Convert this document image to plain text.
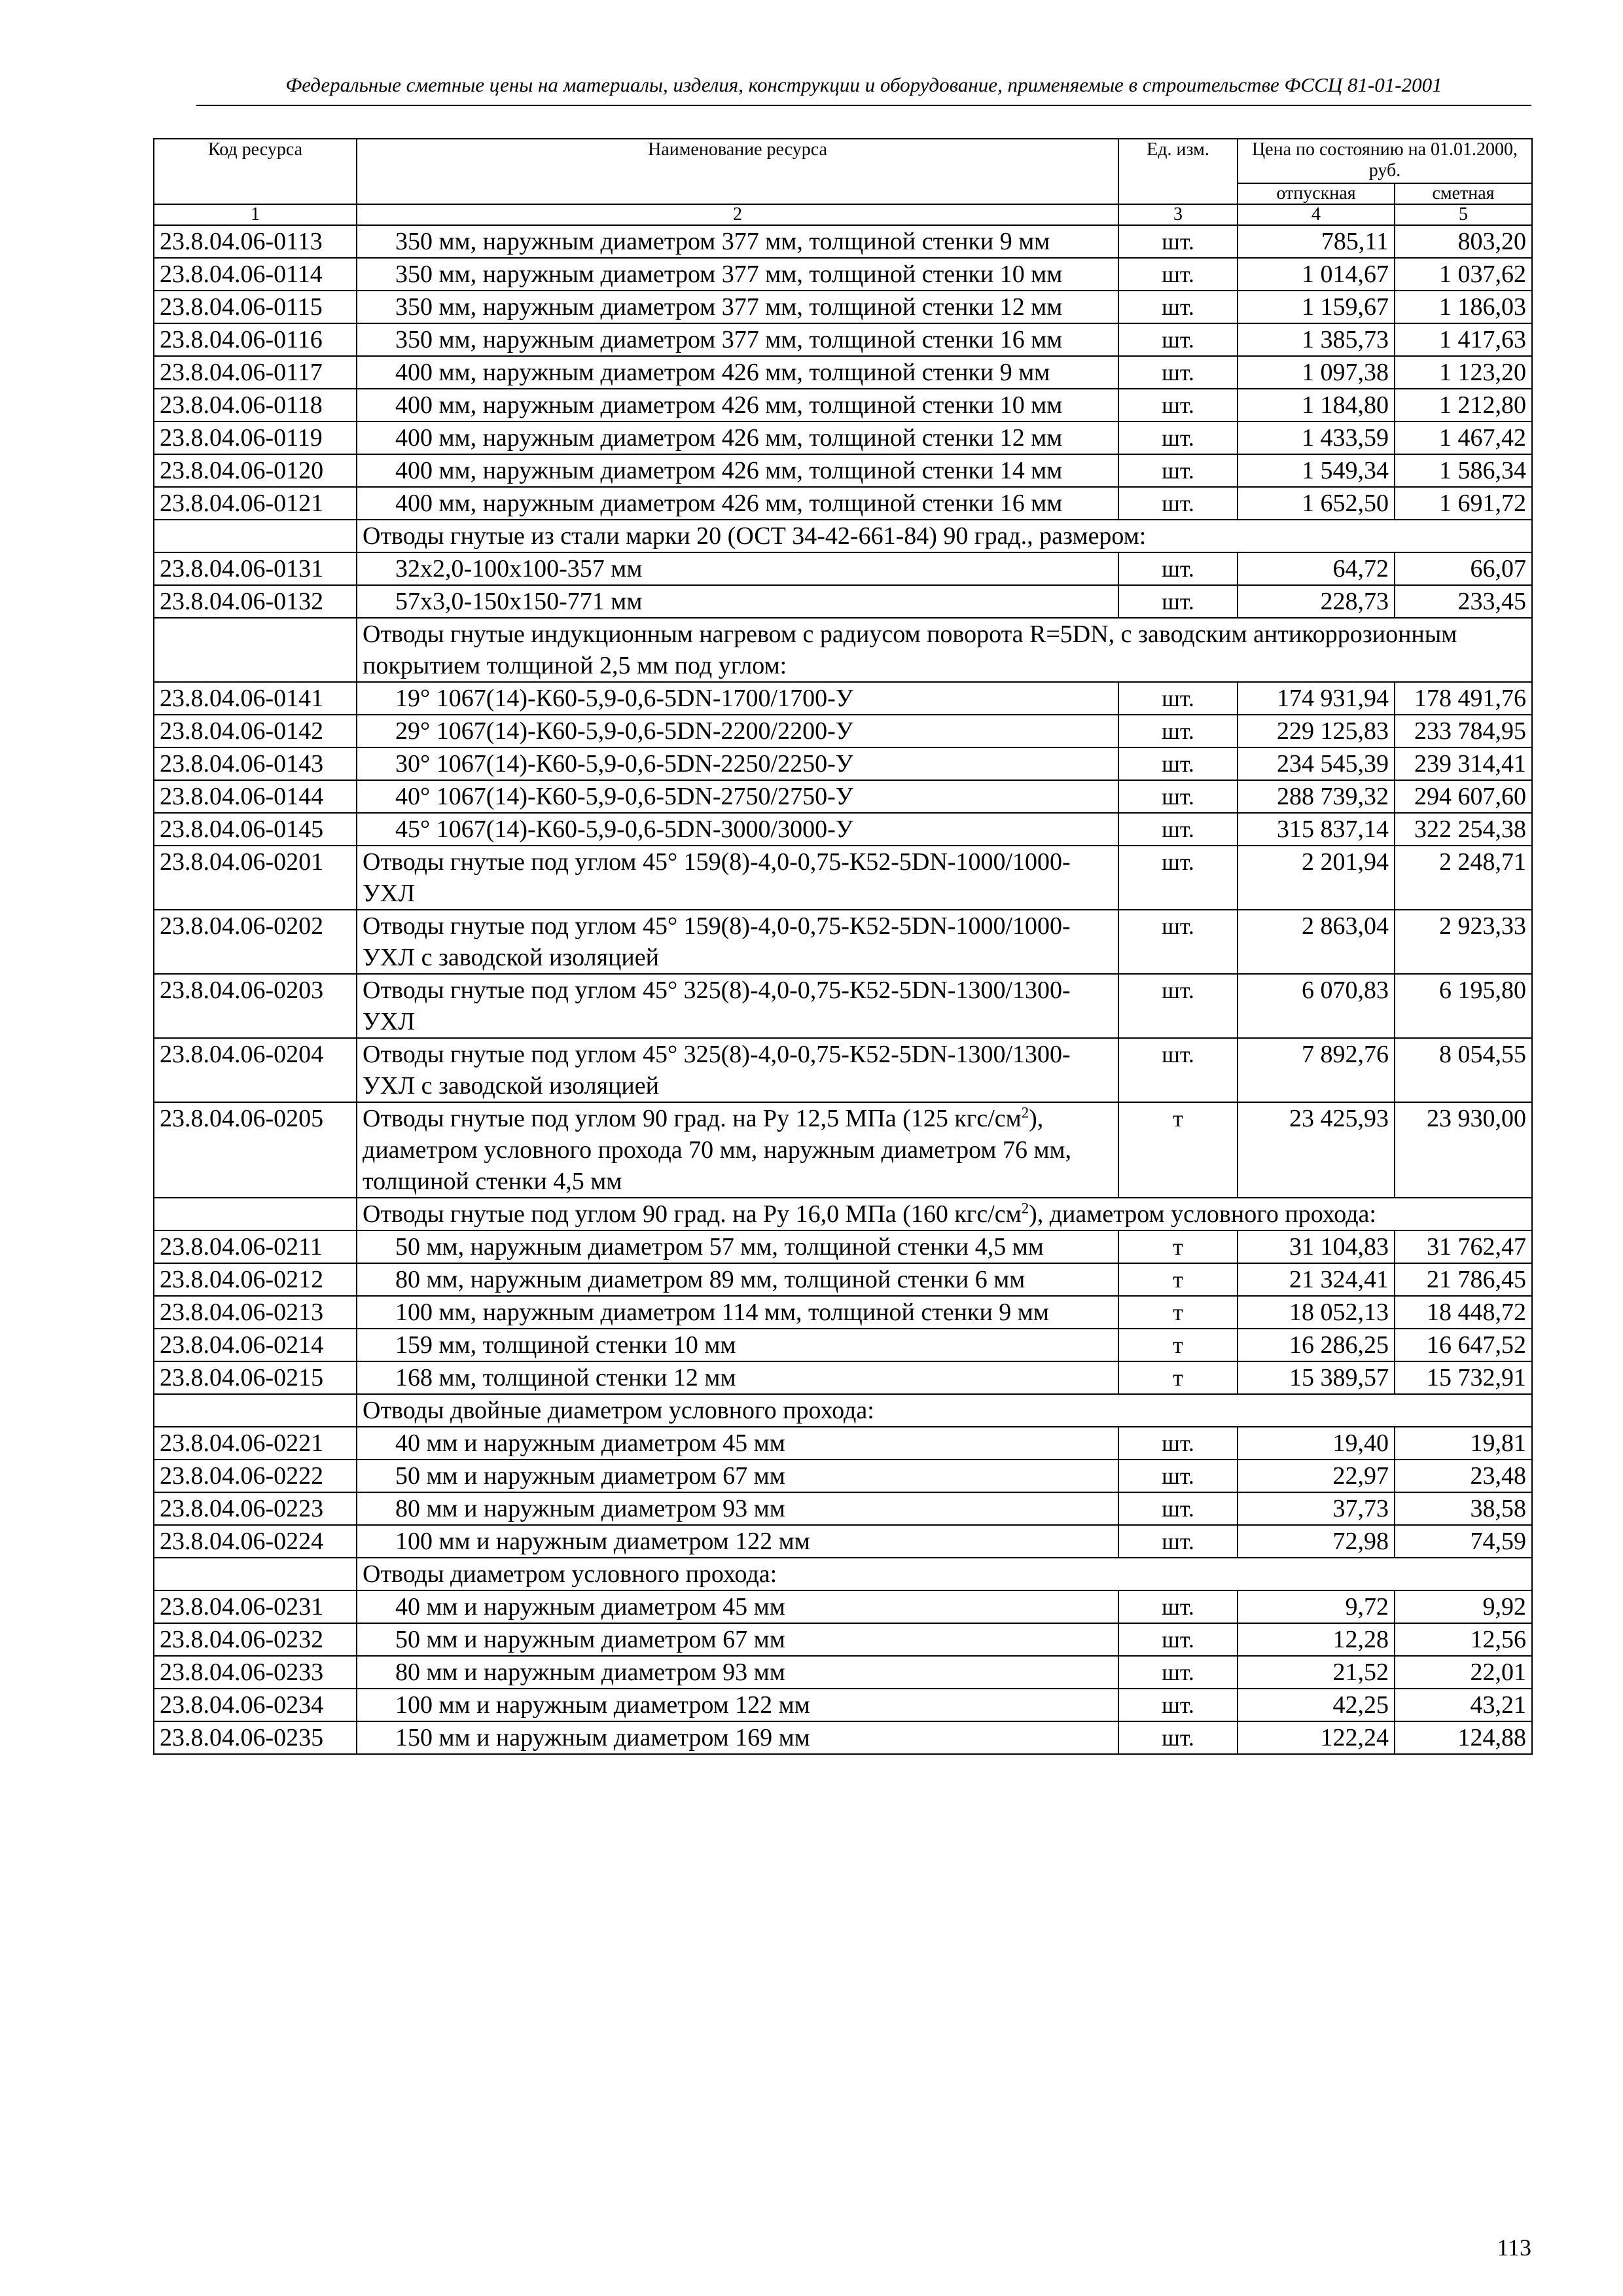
Федеральные сметные цены на материалы, изделия, конструкции и оборудование, применяемые в строительстве ФССЦ 81-01-2001
Код ресурса	Наименование ресурса	Ед. изм.	Цена по состоянию на 01.01.2000, руб.	
			отпускная	сметная
1	2	3	4	5
23.8.04.06-0113	350 мм, наружным диаметром 377 мм, толщиной стенки 9 мм	шт.	785,11	803,20
23.8.04.06-0114	350 мм, наружным диаметром 377 мм, толщиной стенки 10 мм	шт.	1 014,67	1 037,62
23.8.04.06-0115	350 мм, наружным диаметром 377 мм, толщиной стенки 12 мм	шт.	1 159,67	1 186,03
23.8.04.06-0116	350 мм, наружным диаметром 377 мм, толщиной стенки 16 мм	шт.	1 385,73	1 417,63
23.8.04.06-0117	400 мм, наружным диаметром 426 мм, толщиной стенки 9 мм	шт.	1 097,38	1 123,20
23.8.04.06-0118	400 мм, наружным диаметром 426 мм, толщиной стенки 10 мм	шт.	1 184,80	1 212,80
23.8.04.06-0119	400 мм, наружным диаметром 426 мм, толщиной стенки 12 мм	шт.	1 433,59	1 467,42
23.8.04.06-0120	400 мм, наружным диаметром 426 мм, толщиной стенки 14 мм	шт.	1 549,34	1 586,34
23.8.04.06-0121	400 мм, наружным диаметром 426 мм, толщиной стенки 16 мм	шт.	1 652,50	1 691,72
	Отводы гнутые из стали марки 20 (ОСТ 34-42-661-84) 90 град., размером:			
23.8.04.06-0131	32x2,0-100x100-357 мм	шт.	64,72	66,07
23.8.04.06-0132	57x3,0-150x150-771 мм	шт.	228,73	233,45
	Отводы гнутые индукционным нагревом с радиусом поворота R=5DN, с заводским антикоррозионным покрытием толщиной 2,5 мм под углом:			
23.8.04.06-0141	19° 1067(14)-К60-5,9-0,6-5DN-1700/1700-У	шт.	174 931,94	178 491,76
23.8.04.06-0142	29° 1067(14)-К60-5,9-0,6-5DN-2200/2200-У	шт.	229 125,83	233 784,95
23.8.04.06-0143	30° 1067(14)-К60-5,9-0,6-5DN-2250/2250-У	шт.	234 545,39	239 314,41
23.8.04.06-0144	40° 1067(14)-К60-5,9-0,6-5DN-2750/2750-У	шт.	288 739,32	294 607,60
23.8.04.06-0145	45° 1067(14)-К60-5,9-0,6-5DN-3000/3000-У	шт.	315 837,14	322 254,38
23.8.04.06-0201	Отводы гнутые под углом 45° 159(8)-4,0-0,75-К52-5DN-1000/1000-УХЛ	шт.	2 201,94	2 248,71
23.8.04.06-0202	Отводы гнутые под углом 45° 159(8)-4,0-0,75-К52-5DN-1000/1000-УХЛ с заводской изоляцией	шт.	2 863,04	2 923,33
23.8.04.06-0203	Отводы гнутые под углом 45° 325(8)-4,0-0,75-К52-5DN-1300/1300-УХЛ	шт.	6 070,83	6 195,80
23.8.04.06-0204	Отводы гнутые под углом 45° 325(8)-4,0-0,75-К52-5DN-1300/1300-УХЛ с заводской изоляцией	шт.	7 892,76	8 054,55
23.8.04.06-0205	Отводы гнутые под углом 90 град. на Ру 12,5 МПа (125 кгс/$см^2$), диаметром условного прохода 70 мм, наружным диаметром 76 мм, толщиной стенки 4,5 мм	т	23 425,93	23 930,00
	Отводы гнутые под углом 90 град. на Ру 16,0 МПа (160 кгс/$см^2$), диаметром условного прохода:			
23.8.04.06-0211	50 мм, наружным диаметром 57 мм, толщиной стенки 4,5 мм	т	31 104,83	31 762,47
23.8.04.06-0212	80 мм, наружным диаметром 89 мм, толщиной стенки 6 мм	т	21 324,41	21 786,45
23.8.04.06-0213	100 мм, наружным диаметром 114 мм, толщиной стенки 9 мм	т	18 052,13	18 448,72
23.8.04.06-0214	159 мм, толщиной стенки 10 мм	т	16 286,25	16 647,52
23.8.04.06-0215	168 мм, толщиной стенки 12 мм	т	15 389,57	15 732,91
	Отводы двойные диаметром условного прохода:			
23.8.04.06-0221	40 мм и наружным диаметром 45 мм	шт.	19,40	19,81
23.8.04.06-0222	50 мм и наружным диаметром 67 мм	шт.	22,97	23,48
23.8.04.06-0223	80 мм и наружным диаметром 93 мм	шт.	37,73	38,58
23.8.04.06-0224	100 мм и наружным диаметром 122 мм	шт.	72,98	74,59
	Отводы диаметром условного прохода:			
23.8.04.06-0231	40 мм и наружным диаметром 45 мм	шт.	9,72	9,92
23.8.04.06-0232	50 мм и наружным диаметром 67 мм	шт.	12,28	12,56
23.8.04.06-0233	80 мм и наружным диаметром 93 мм	шт.	21,52	22,01
23.8.04.06-0234	100 мм и наружным диаметром 122 мм	шт.	42,25	43,21
23.8.04.06-0235	150 мм и наружным диаметром 169 мм	шт.	122,24	124,88
113
